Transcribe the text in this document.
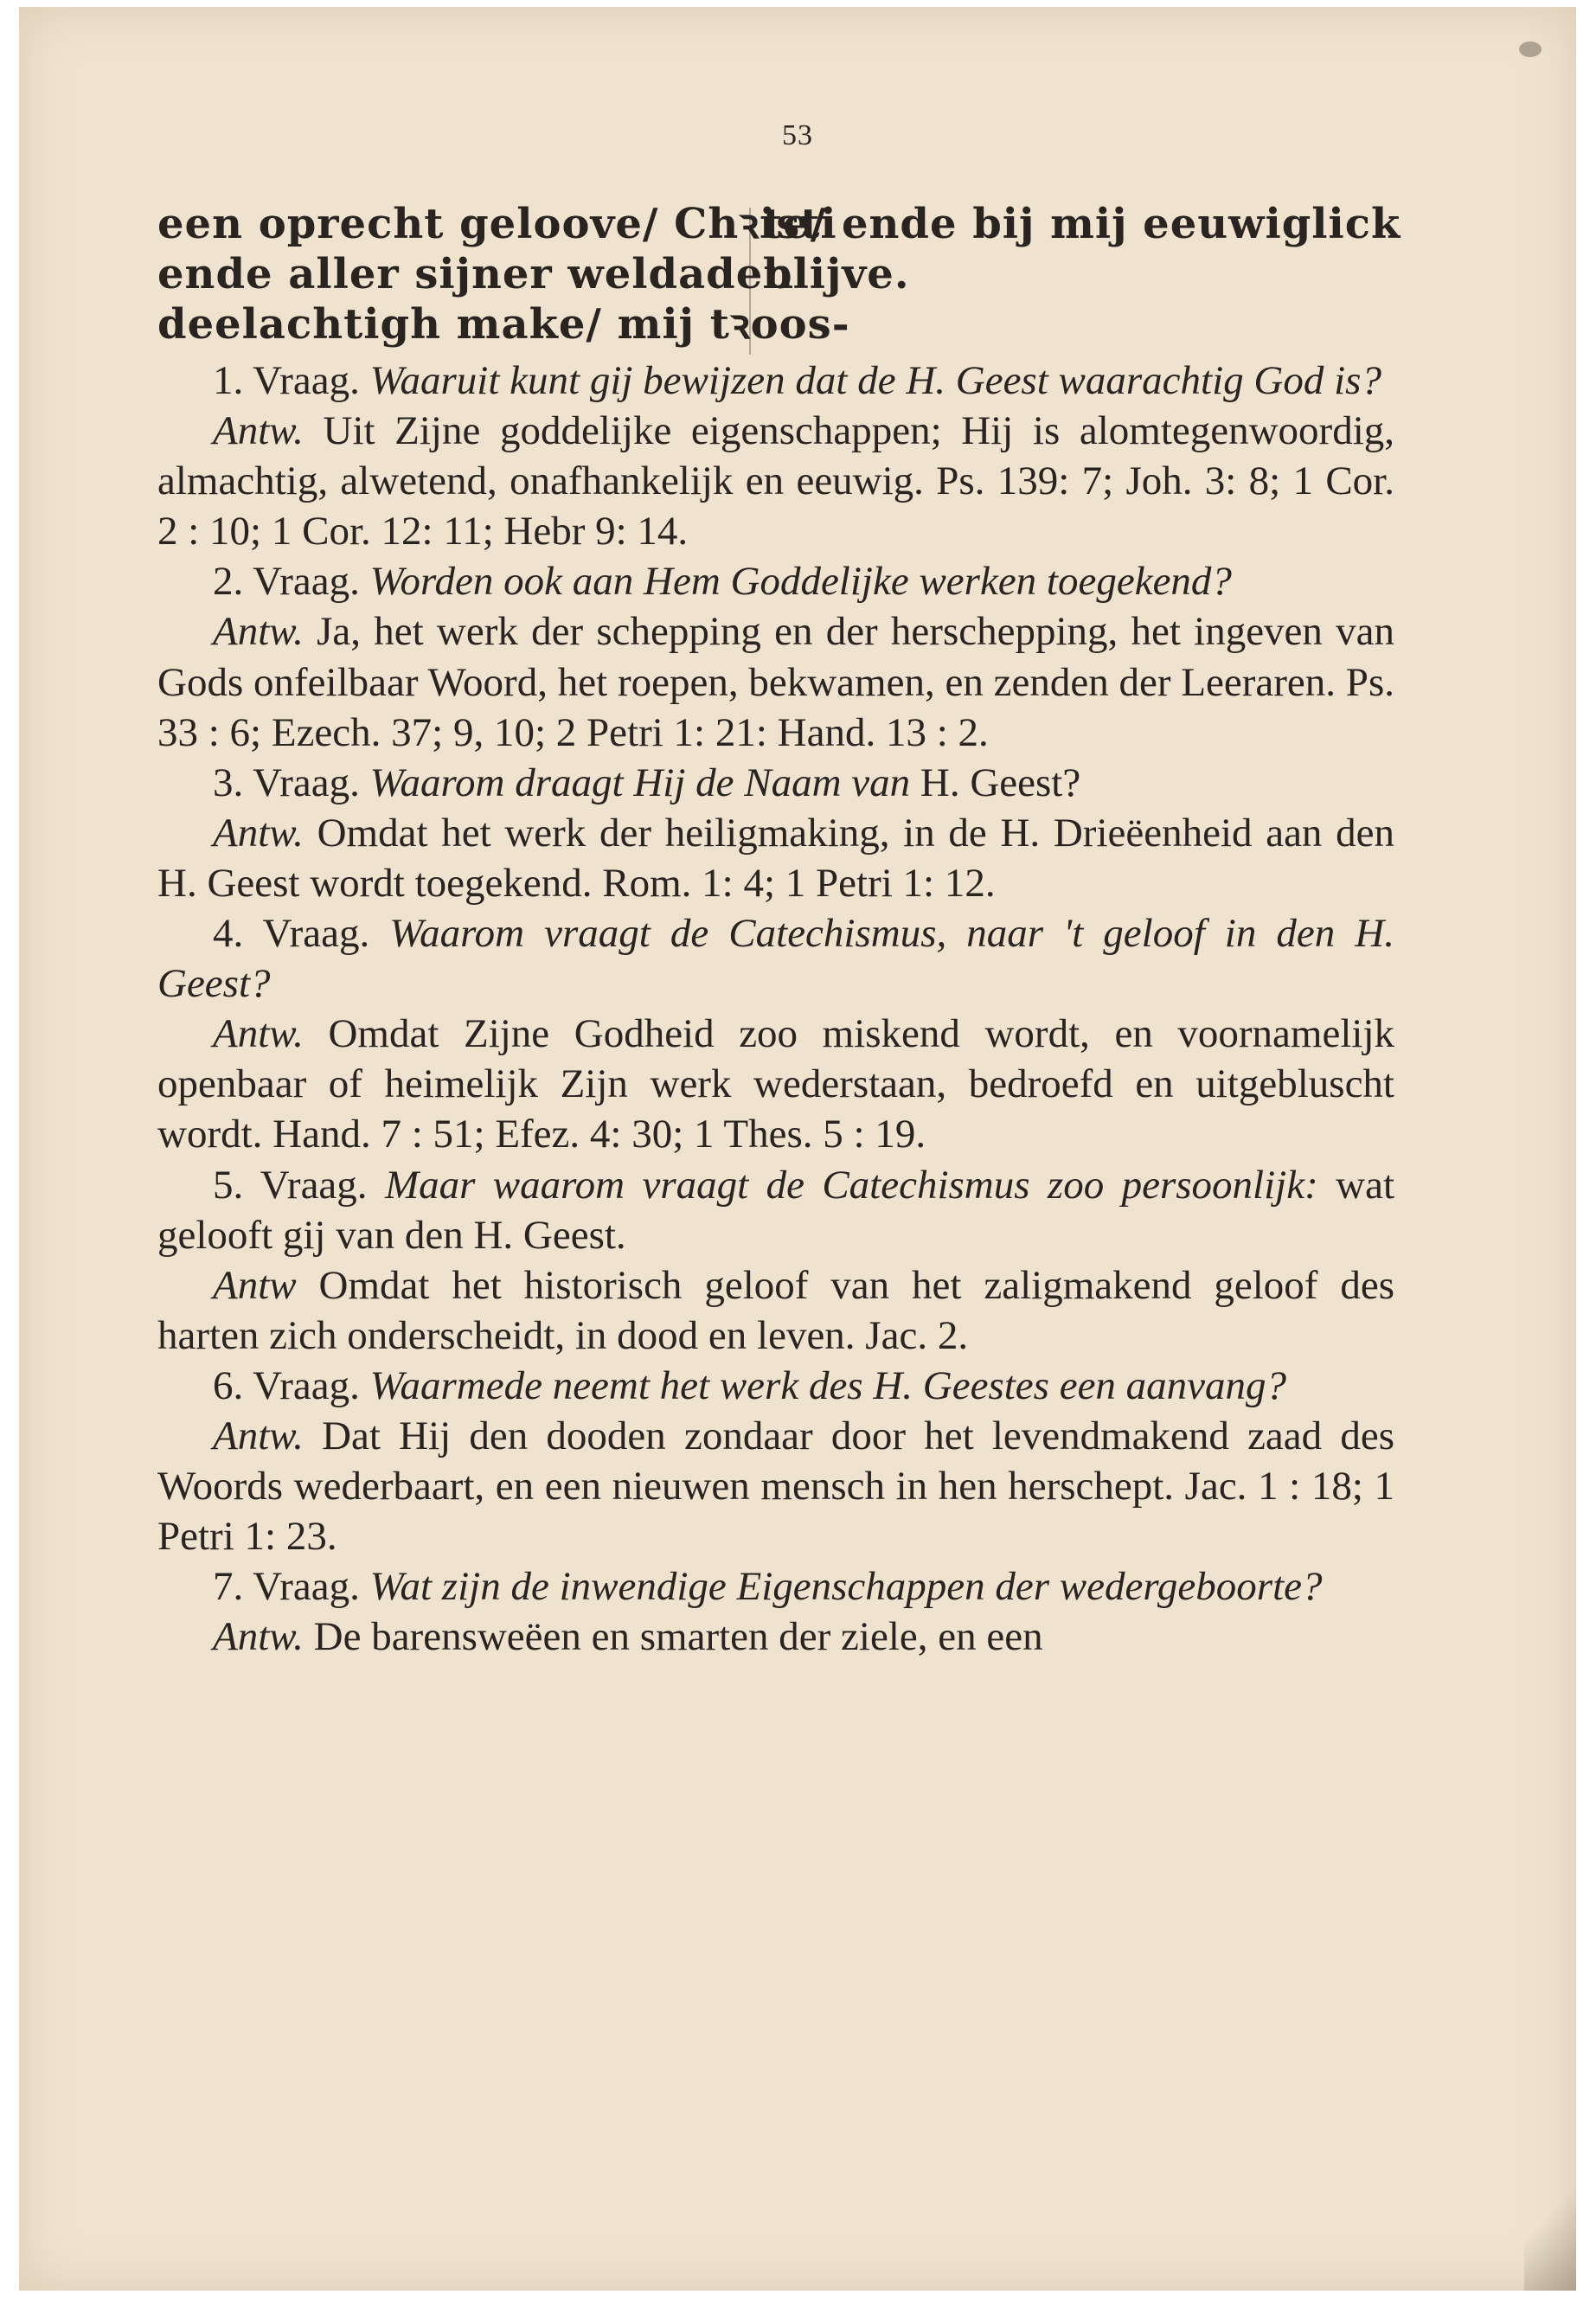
53
een oprecht geloove/ Chꝛisti
te/ ende bij mij eeuwiglick
ende aller sijner weldaden
blijve.
deelachtigh make/ mij tꝛoos-

1. Vraag. Waaruit kunt gij bewijzen dat de H. Geest waarachtig God is?

Antw. Uit Zijne goddelijke eigenschappen; Hij is alomtegenwoordig, almachtig, alwetend, onafhankelijk en eeuwig. Ps. 139: 7; Joh. 3: 8; 1 Cor. 2 : 10; 1 Cor. 12: 11; Hebr 9: 14.

2. Vraag. Worden ook aan Hem Goddelijke werken toegekend?

Antw. Ja, het werk der schepping en der herschepping, het ingeven van Gods onfeilbaar Woord, het roepen, bekwamen, en zenden der Leeraren. Ps. 33 : 6; Ezech. 37; 9, 10; 2 Petri 1: 21: Hand. 13 : 2.

3. Vraag. Waarom draagt Hij de Naam van H. Geest?

Antw. Omdat het werk der heiligmaking, in de H. Drieëenheid aan den H. Geest wordt toegekend. Rom. 1: 4; 1 Petri 1: 12.

4. Vraag. Waarom vraagt de Catechismus, naar 't geloof in den H. Geest?

Antw. Omdat Zijne Godheid zoo miskend wordt, en voornamelijk openbaar of heimelijk Zijn werk wederstaan, bedroefd en uitgebluscht wordt. Hand. 7 : 51; Efez. 4: 30; 1 Thes. 5 : 19.

5. Vraag. Maar waarom vraagt de Catechismus zoo persoonlijk: wat gelooft gij van den H. Geest.

Antw Omdat het historisch geloof van het zaligmakend geloof des harten zich onderscheidt, in dood en leven. Jac. 2.

6. Vraag. Waarmede neemt het werk des H. Geestes een aanvang?

Antw. Dat Hij den dooden zondaar door het levendmakend zaad des Woords wederbaart, en een nieuwen mensch in hen herschept. Jac. 1 : 18; 1 Petri 1: 23.

7. Vraag. Wat zijn de inwendige Eigenschappen der wedergeboorte?

Antw. De barensweëen en smarten der ziele, en een
